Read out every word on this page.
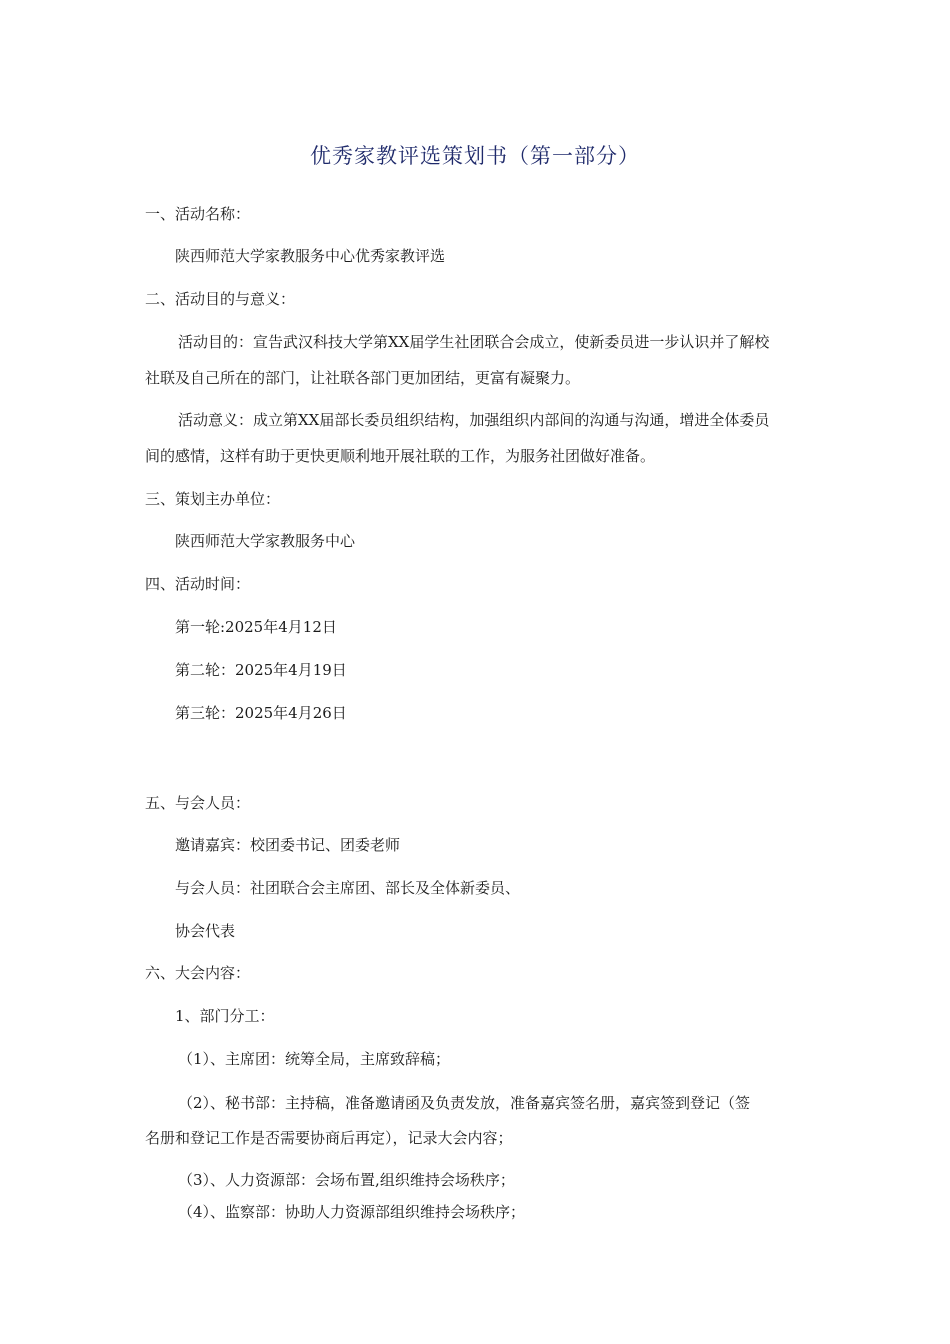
优秀家教评选策划书（第一部分）
一、活动名称：
陕西师范大学家教服务中心优秀家教评选
二、活动目的与意义：
活动目的：宣告武汉科技大学第XX届学生社团联合会成立，使新委员进一步认识并了解校
社联及自己所在的部门，让社联各部门更加团结，更富有凝聚力。
活动意义：成立第XX届部长委员组织结构，加强组织内部间的沟通与沟通，增进全体委员
间的感情，这样有助于更快更顺利地开展社联的工作，为服务社团做好准备。
三、策划主办单位：
陕西师范大学家教服务中心
四、活动时间：
第一轮:2025年4月12日
第二轮：2025年4月19日
第三轮：2025年4月26日
五、与会人员：
邀请嘉宾：校团委书记、团委老师
与会人员：社团联合会主席团、部长及全体新委员、
协会代表
六、大会内容：
1、部门分工：
（1）、主席团：统筹全局，主席致辞稿；
（2）、秘书部：主持稿，准备邀请函及负责发放，准备嘉宾签名册，嘉宾签到登记（签
名册和登记工作是否需要协商后再定），记录大会内容；
（3）、人力资源部：会场布置,组织维持会场秩序；
（4）、监察部：协助人力资源部组织维持会场秩序；
